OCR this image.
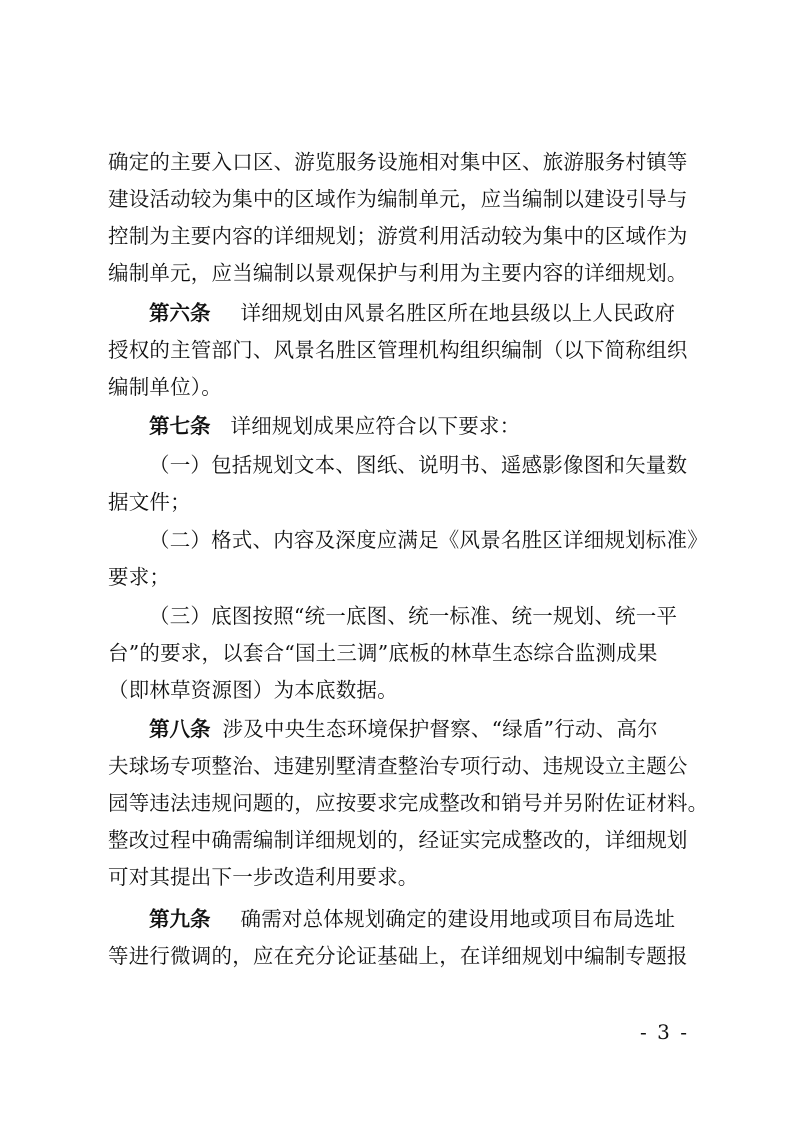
确定的主要入口区、游览服务设施相对集中区、旅游服务村镇等
建设活动较为集中的区域作为编制单元，应当编制以建设引导与
控制为主要内容的详细规划；游赏利用活动较为集中的区域作为
编制单元，应当编制以景观保护与利用为主要内容的详细规划。
第六条 详细规划由风景名胜区所在地县级以上人民政府
授权的主管部门、风景名胜区管理机构组织编制（以下简称组织
编制单位）。
第七条 详细规划成果应符合以下要求：
（一）包括规划文本、图纸、说明书、遥感影像图和矢量数
据文件；
（二）格式、内容及深度应满足《风景名胜区详细规划标准》
要求；
（三）底图按照“统一底图、统一标准、统一规划、统一平
台”的要求，以套合“国土三调”底板的林草生态综合监测成果
（即林草资源图）为本底数据。
第八条 涉及中央生态环境保护督察、“绿盾”行动、高尔
夫球场专项整治、违建别墅清查整治专项行动、违规设立主题公
园等违法违规问题的，应按要求完成整改和销号并另附佐证材料。
整改过程中确需编制详细规划的，经证实完成整改的，详细规划
可对其提出下一步改造利用要求。
第九条 确需对总体规划确定的建设用地或项目布局选址
等进行微调的，应在充分论证基础上，在详细规划中编制专题报
- 3 -
